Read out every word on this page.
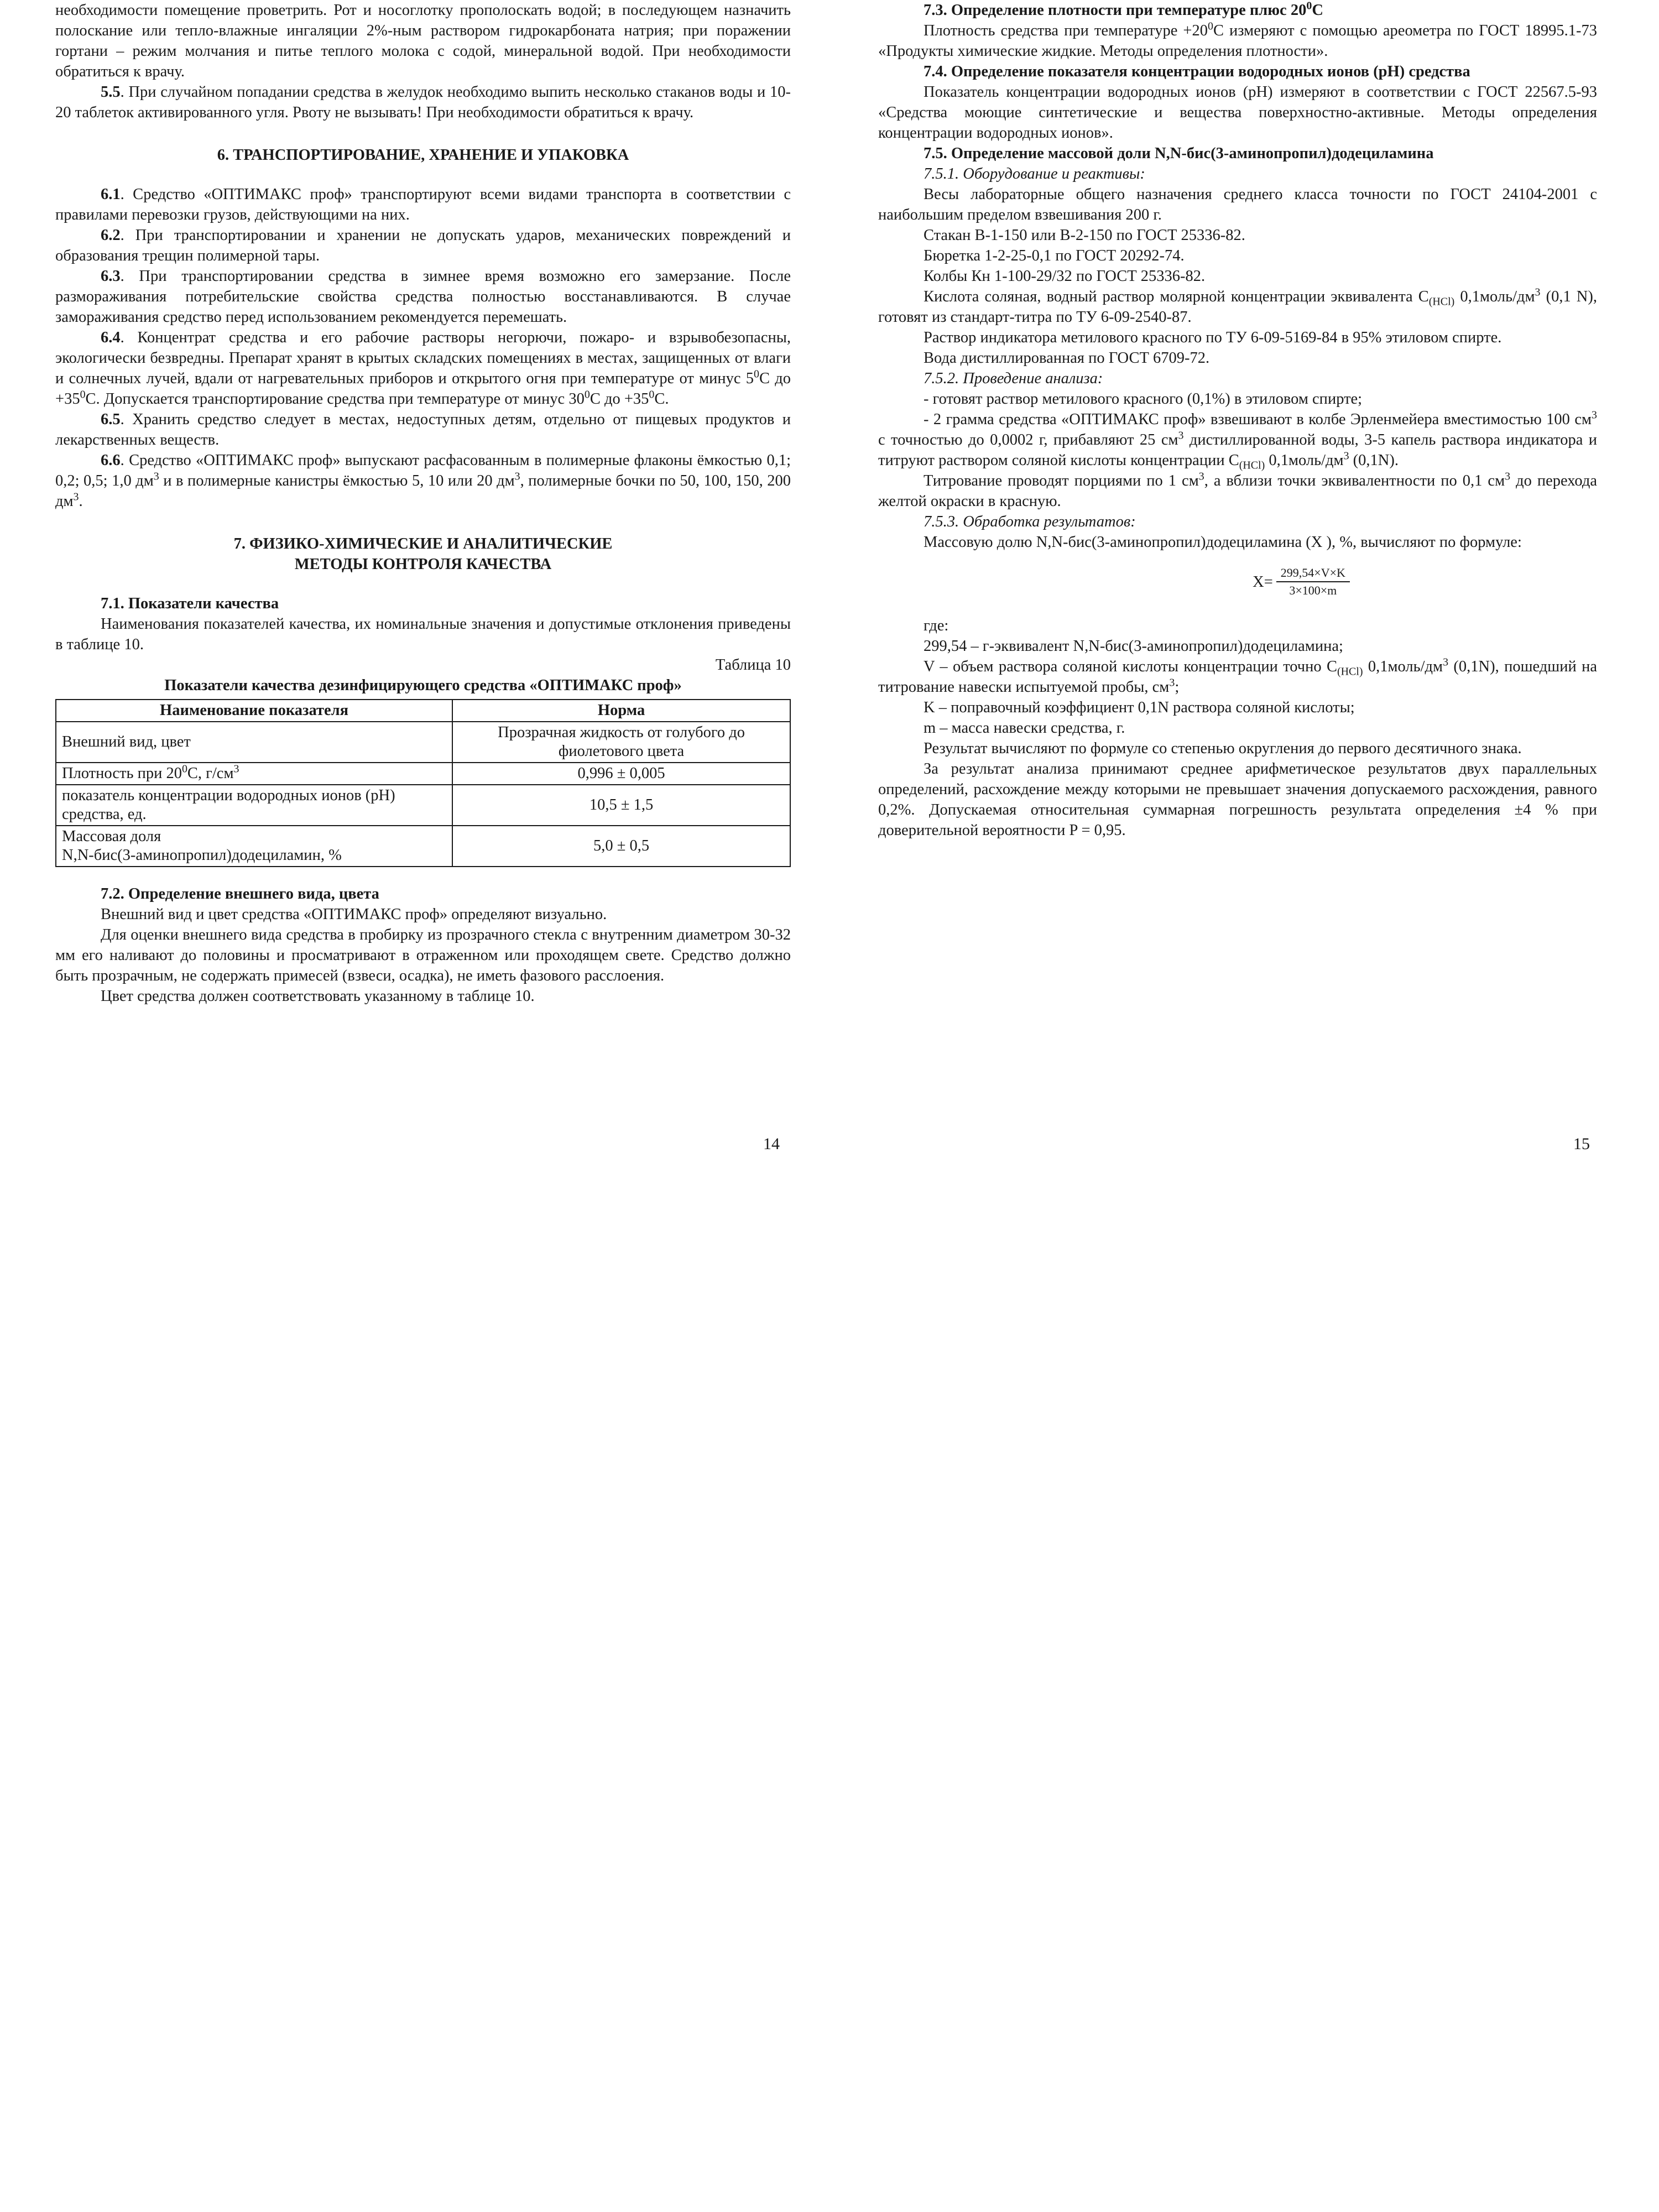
необходимости помещение проветрить. Рот и носоглотку прополоскать водой; в последующем назначить полоскание или тепло-влажные ингаляции 2%-ным раствором гидрокарбоната натрия; при поражении гортани – режим молчания и питье теплого молока с содой, минеральной водой. При необходимости обратиться к врачу.

5.5. При случайном попадании средства в желудок необходимо выпить несколько стаканов воды и 10-20 таблеток активированного угля. Рвоту не вызывать! При необходимости обратиться к врачу.

6. ТРАНСПОРТИРОВАНИЕ, ХРАНЕНИЕ И УПАКОВКА

6.1. Средство «ОПТИМАКС проф» транспортируют всеми видами транспорта в соответствии с правилами перевозки грузов, действующими на них.

6.2. При транспортировании и хранении не допускать ударов, механических повреждений и образования трещин полимерной тары.

6.3. При транспортировании средства в зимнее время возможно его замерзание. После размораживания потребительские свойства средства полностью восстанавливаются. В случае замораживания средство перед использованием рекомендуется перемешать.

6.4. Концентрат средства и его рабочие растворы негорючи, пожаро- и взрывобезопасны, экологически безвредны. Препарат хранят в крытых складских помещениях в местах, защищенных от влаги и солнечных лучей, вдали от нагревательных приборов и открытого огня при температуре от минус $5^0С$ до $+35^0С$. Допускается транспортирование средства при температуре от минус $30^0С$ до $+35^0С$.

6.5. Хранить средство следует в местах, недоступных детям, отдельно от пищевых продуктов и лекарственных веществ.

6.6. Средство «ОПТИМАКС проф» выпускают расфасованным в полимерные флаконы ёмкостью 0,1; 0,2; 0,5; 1,0 $дм^3$ и в полимерные канистры ёмкостью 5, 10 или 20 $дм^3$, полимерные бочки по 50, 100, 150, 200 $дм^3$.

7. ФИЗИКО-ХИМИЧЕСКИЕ И АНАЛИТИЧЕСКИЕ

МЕТОДЫ КОНТРОЛЯ КАЧЕСТВА

7.1. Показатели качества

Наименования показателей качества, их номинальные значения и допустимые отклонения приведены в таблице 10.

Таблица 10

Показатели качества дезинфицирующего средства «ОПТИМАКС проф»

Наименование показателя	Норма
Внешний вид, цвет	Прозрачная жидкость от голубого до фиолетового цвета
Плотность при $20^0С$, $г/см^3$	0,996 ± 0,005
показатель концентрации водородных ионов (pH) средства, ед.	10,5 ± 1,5
Массовая доля
N,N-бис(3-аминопропил)додециламин, %	5,0 ± 0,5

7.2. Определение внешнего вида, цвета

Внешний вид и цвет средства «ОПТИМАКС проф» определяют визуально.

Для оценки внешнего вида средства в пробирку из прозрачного стекла с внутренним диаметром 30-32 мм его наливают до половины и просматривают в отраженном или проходящем свете. Средство должно быть прозрачным, не содержать примесей (взвеси, осадка), не иметь фазового расслоения.

Цвет средства должен соответствовать указанному в таблице 10.

14

7.3. Определение плотности при температуре плюс $20^0С$

Плотность средства при температуре $+20^0С$ измеряют с помощью ареометра по ГОСТ 18995.1-73 «Продукты химические жидкие. Методы определения плотности».

7.4. Определение показателя концентрации водородных ионов (pH) средства

Показатель концентрации водородных ионов (pH) измеряют в соответствии с ГОСТ 22567.5-93 «Средства моющие синтетические и вещества поверхностно-активные. Методы определения концентрации водородных ионов».

7.5. Определение массовой доли N,N-бис(3-аминопропил)додециламина

7.5.1. Оборудование и реактивы:

Весы лабораторные общего назначения среднего класса точности по ГОСТ 24104-2001 с наибольшим пределом взвешивания 200 г.

Стакан В-1-150 или В-2-150 по ГОСТ 25336-82.

Бюретка 1-2-25-0,1 по ГОСТ 20292-74.

Колбы Кн 1-100-29/32 по ГОСТ 25336-82.

Кислота соляная, водный раствор молярной концентрации эквивалента $С_{(HCl)}$ $0,1моль/дм^3$ (0,1 N), готовят из стандарт-титра по ТУ 6-09-2540-87.

Раствор индикатора метилового красного по ТУ 6-09-5169-84 в 95% этиловом спирте.

Вода дистиллированная по ГОСТ 6709-72.

7.5.2. Проведение анализа:

- готовят раствор метилового красного (0,1%) в этиловом спирте;

- 2 грамма средства «ОПТИМАКС проф» взвешивают в колбе Эрленмейера вместимостью 100 $см^3$ с точностью до 0,0002 г, прибавляют 25 $см^3$ дистиллированной воды, 3-5 капель раствора индикатора и титруют раствором соляной кислоты концентрации $С_{(HCl)}$ $0,1моль/дм^3$ (0,1N).

Титрование проводят порциями по 1 $см^3$, а вблизи точки эквивалентности по 0,1 $см^3$ до перехода желтой окраски в красную.

7.5.3. Обработка результатов:

Массовую долю N,N-бис(3-аминопропил)додециламина (X ), %, вычисляют по формуле:

$X= \frac{299,54\times V\times K}{3\times 100\times m}$

где:

299,54 – г-эквивалент N,N-бис(3-аминопропил)додециламина;

V – объем раствора соляной кислоты концентрации точно $С_{(HCl)}$ $0,1моль/дм^3$ (0,1N), пошедший на титрование навески испытуемой пробы, $см^3$;

K – поправочный коэффициент 0,1N раствора соляной кислоты;

m – масса навески средства, г.

Результат вычисляют по формуле со степенью округления до первого десятичного знака.

За результат анализа принимают среднее арифметическое результатов двух параллельных определений, расхождение между которыми не превышает значения допускаемого расхождения, равного 0,2%. Допускаемая относительная суммарная погрешность результата определения ±4 % при доверительной вероятности P = 0,95.

15
